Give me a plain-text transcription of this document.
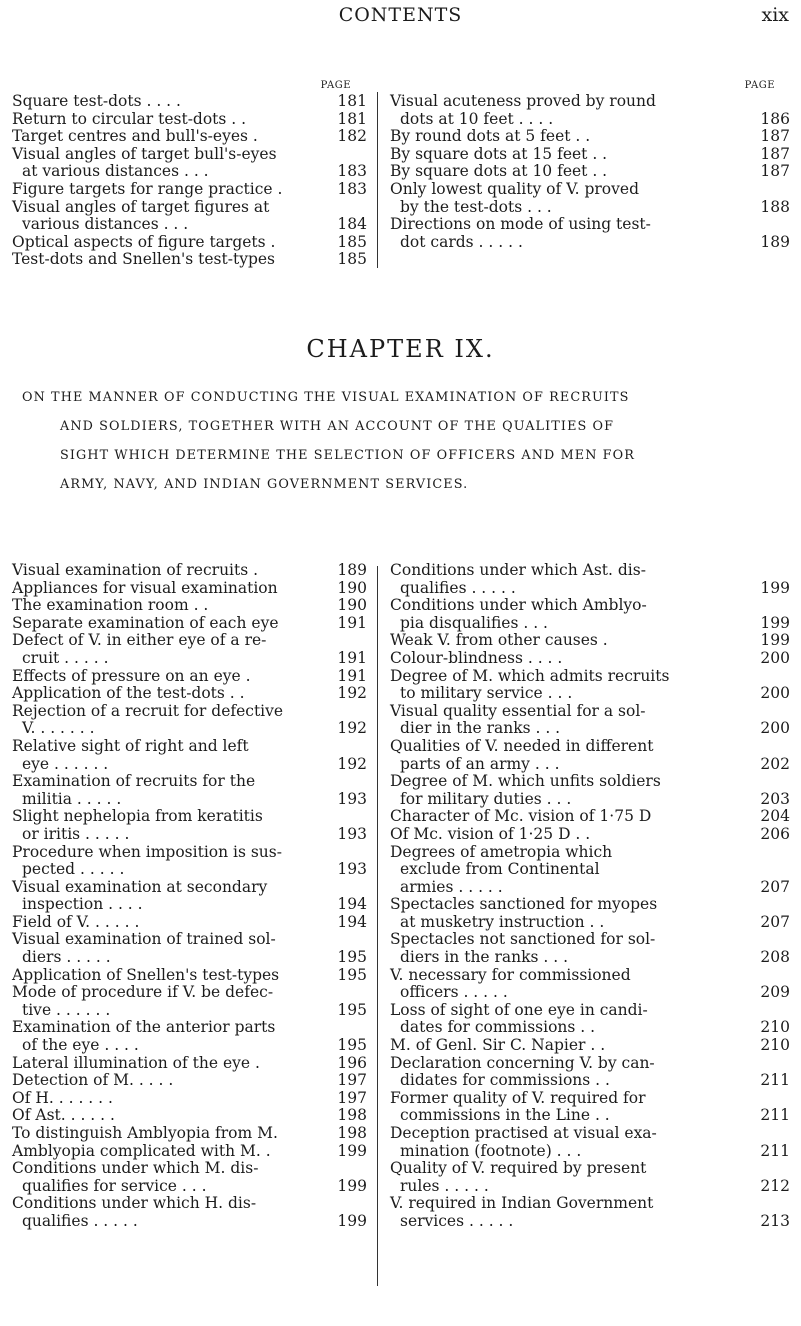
CONTENTS	xix
PAGE
Square test-dots . . . .	181
Return to circular test-dots . .	181
Target centres and bull's-eyes .	182
Visual angles of target bull's-eyes
at various distances . . .	183
Figure targets for range practice .	183
Visual angles of target figures at
various distances . . .	184
Optical aspects of figure targets .	185
Test-dots and Snellen's test-types	185
PAGE
Visual acuteness proved by round
dots at 10 feet . . . .	186
By round dots at 5 feet . .	187
By square dots at 15 feet . .	187
By square dots at 10 feet . .	187
Only lowest quality of V. proved
by the test-dots . . .	188
Directions on mode of using test-
dot cards . . . . .	189
CHAPTER IX.
ON THE MANNER OF CONDUCTING THE VISUAL EXAMINATION OF RECRUITS
AND SOLDIERS, TOGETHER WITH AN ACCOUNT OF THE QUALITIES OF
SIGHT WHICH DETERMINE THE SELECTION OF OFFICERS AND MEN FOR
ARMY, NAVY, AND INDIAN GOVERNMENT SERVICES.
Visual examination of recruits .	189
Appliances for visual examination	190
The examination room . .	190
Separate examination of each eye	191
Defect of V. in either eye of a re-
cruit . . . . .	191
Effects of pressure on an eye .	191
Application of the test-dots . .	192
Rejection of a recruit for defective
V. . . . . . .	192
Relative sight of right and left
eye . . . . . .	192
Examination of recruits for the
militia . . . . .	193
Slight nephelopia from keratitis
or iritis . . . . .	193
Procedure when imposition is sus-
pected . . . . .	193
Visual examination at secondary
inspection . . . .	194
Field of V. . . . . .	194
Visual examination of trained sol-
diers . . . . .	195
Application of Snellen's test-types	195
Mode of procedure if V. be defec-
tive . . . . . .	195
Examination of the anterior parts
of the eye . . . .	195
Lateral illumination of the eye .	196
Detection of M. . . . .	197
Of H. . . . . . .	197
Of Ast. . . . . .	198
To distinguish Amblyopia from M.	198
Amblyopia complicated with M. .	199
Conditions under which M. dis-
qualifies for service . . .	199
Conditions under which H. dis-
qualifies . . . . .	199
Conditions under which Ast. dis-
qualifies . . . . .	199
Conditions under which Amblyo-
pia disqualifies . . .	199
Weak V. from other causes .	199
Colour-blindness . . . .	200
Degree of M. which admits recruits
to military service . . .	200
Visual quality essential for a sol-
dier in the ranks . . .	200
Qualities of V. needed in different
parts of an army . . .	202
Degree of M. which unfits soldiers
for military duties . . .	203
Character of Mc. vision of 1·75 D	204
Of Mc. vision of 1·25 D . .	206
Degrees of ametropia which
exclude from Continental
armies . . . . .	207
Spectacles sanctioned for myopes
at musketry instruction . .	207
Spectacles not sanctioned for sol-
diers in the ranks . . .	208
V. necessary for commissioned
officers . . . . .	209
Loss of sight of one eye in candi-
dates for commissions . .	210
M. of Genl. Sir C. Napier . .	210
Declaration concerning V. by can-
didates for commissions . .	211
Former quality of V. required for
commissions in the Line . .	211
Deception practised at visual exa-
mination (footnote) . . .	211
Quality of V. required by present
rules . . . . .	212
V. required in Indian Government
services . . . . .	213
